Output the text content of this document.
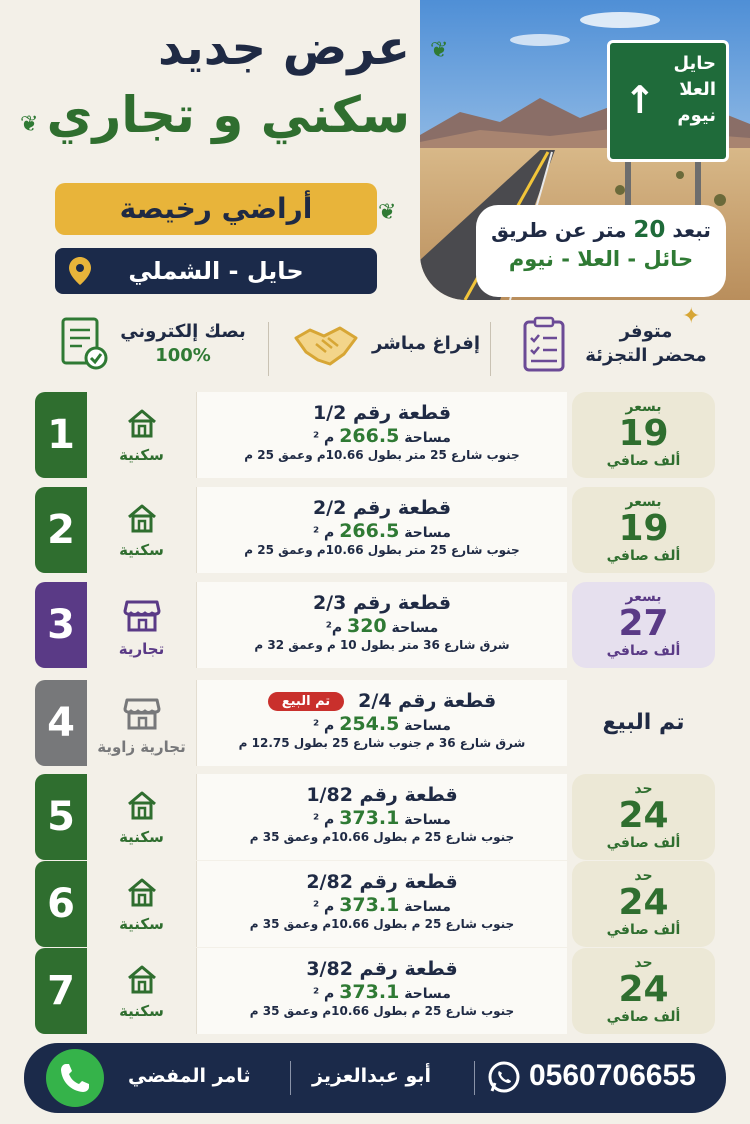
↑
حايل
العلا
نيوم
تبعد 20 متر عن طريق
حائل - العلا - نيوم
❦
عرض جديد
سكني و تجاري
❦
❦
أراضي رخيصة
حايل - الشملي
بصك إلكتروني
100%
إفراغ مباشر
متوفر
محضر التجزئة
✦
1	سكنية
قطعة رقم 1/2
مساحة 266.5 م ²
جنوب شارع 25 متر بطول 10.66م وعمق 25 م
بسعر
19
ألف صافي
2	سكنية
قطعة رقم 2/2
مساحة 266.5 م ²
جنوب شارع 25 متر بطول 10.66م وعمق 25 م
بسعر
19
ألف صافي
3
تجارية
قطعة رقم 2/3
مساحة 320 م²
شرق شارع 36 متر بطول 10 م وعمق 32 م
بسعر
27
ألف صافي
4
تجارية زاوية
قطعة رقم 2/4تم البيع
مساحة 254.5 م ²
شرق شارع 36 م جنوب شارع 25 بطول 12.75 م
تم البيع
5	سكنية
قطعة رقم 1/82
مساحة 373.1 م ²
جنوب شارع 25 م بطول 10.66م وعمق 35 م
حد
24
ألف صافي
6	سكنية
قطعة رقم 2/82
مساحة 373.1 م ²
جنوب شارع 25 م بطول 10.66م وعمق 35 م
حد
24
ألف صافي
7	سكنية
قطعة رقم 3/82
مساحة 373.1 م ²
جنوب شارع 25 م بطول 10.66م وعمق 35 م
حد
24
ألف صافي
ثامر المفضي	أبو عبدالعزيز	0560706655
